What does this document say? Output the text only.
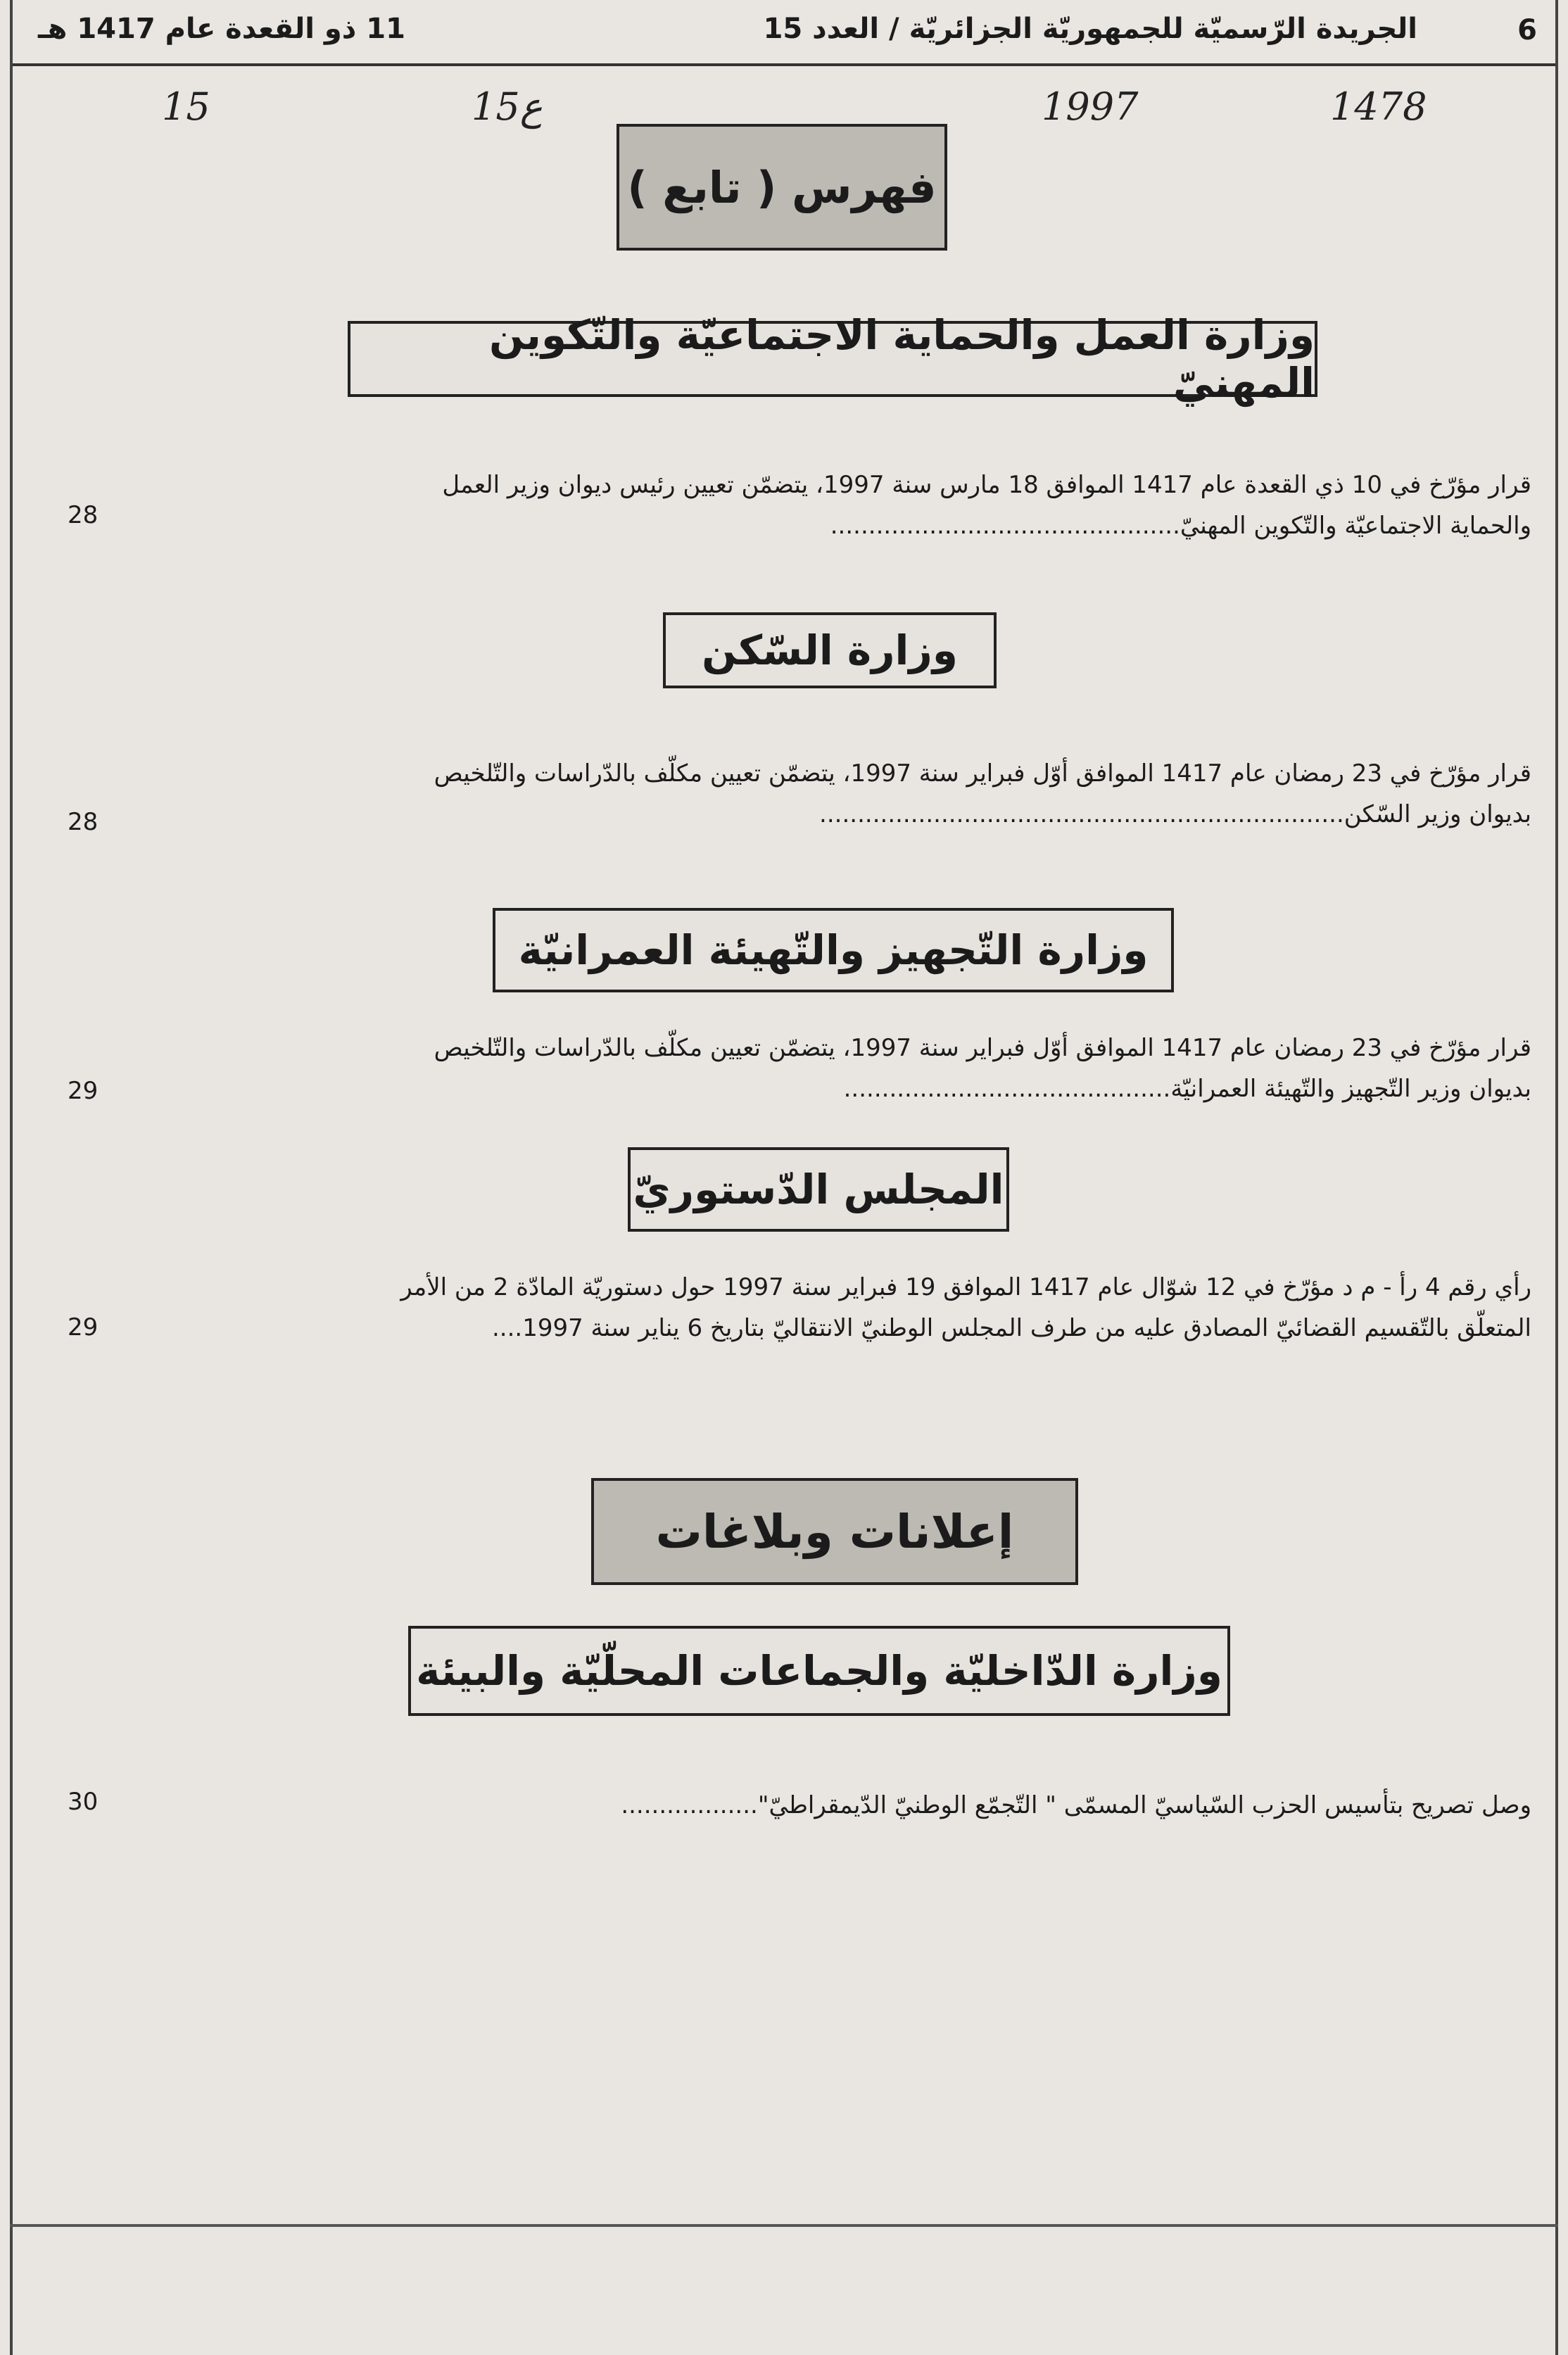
6
الجريدة الرّسميّة للجمهوريّة الجزائريّة / العدد 15
11 ذو القعدة عام 1417 هـ
1478
1997
15ع
15
فهرس ( تابع )
وزارة العمل والحماية الاجتماعيّة والتّكوين المهنيّ
قرار مؤرّخ في 10 ذي القعدة عام 1417 الموافق 18 مارس سنة 1997، يتضمّن تعيين رئيس ديوان وزير العمل
والحماية الاجتماعيّة والتّكوين المهنيّ..............................................
28
وزارة السّكن
قرار مؤرّخ في 23 رمضان عام 1417 الموافق أوّل فبراير سنة 1997، يتضمّن تعيين مكلّف بالدّراسات والتّلخيص
بديوان وزير السّكن.....................................................................
28
وزارة التّجهيز والتّهيئة العمرانيّة
قرار مؤرّخ في 23 رمضان عام 1417 الموافق أوّل فبراير سنة 1997، يتضمّن تعيين مكلّف بالدّراسات والتّلخيص
بديوان وزير التّجهيز والتّهيئة العمرانيّة...........................................
29
المجلس الدّستوريّ
رأي رقم 4 رأ - م د مؤرّخ في 12 شوّال عام 1417 الموافق 19 فبراير سنة 1997 حول دستوريّة المادّة 2 من الأمر
المتعلّق بالتّقسيم القضائيّ المصادق عليه من طرف المجلس الوطنيّ الانتقاليّ بتاريخ 6 يناير سنة 1997....
29
إعلانات وبلاغات
وزارة الدّاخليّة والجماعات المحلّيّة والبيئة
وصل تصريح بتأسيس الحزب السّياسيّ المسمّى " التّجمّع الوطنيّ الدّيمقراطيّ"..................
30
